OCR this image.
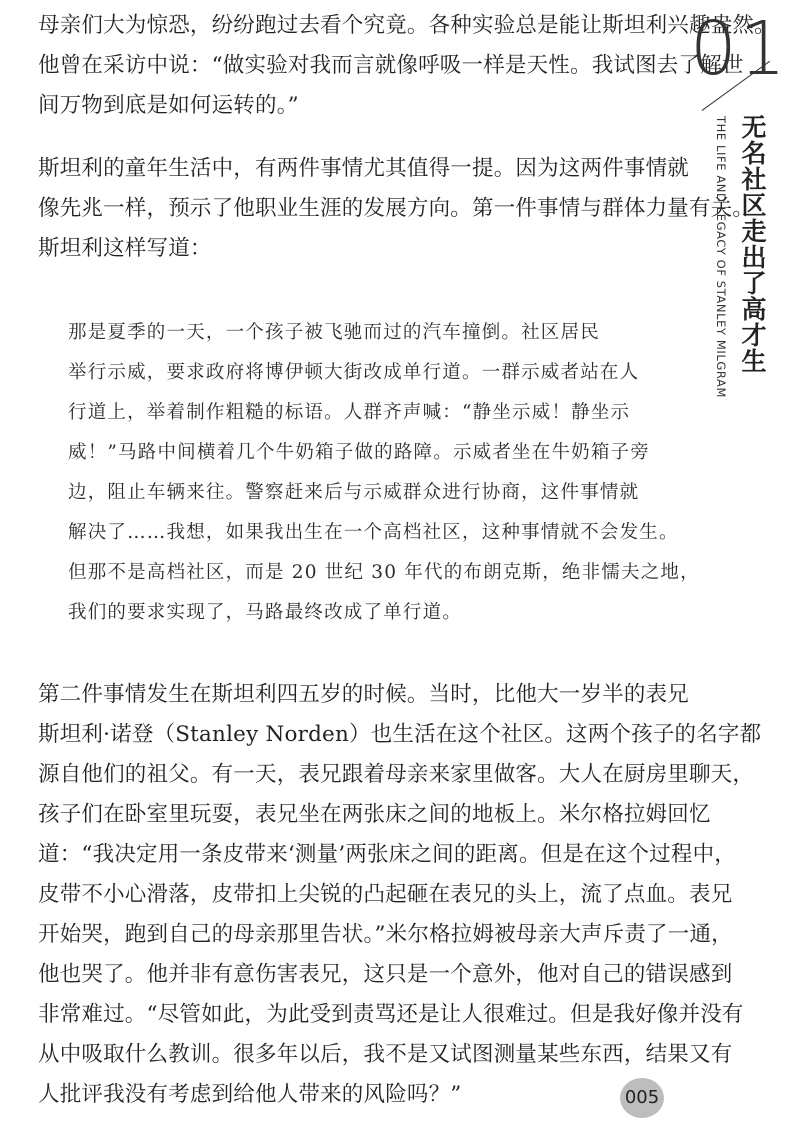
母亲们大为惊恐，纷纷跑过去看个究竟。各种实验总是能让斯坦利兴趣盎然。
他曾在采访中说：“做实验对我而言就像呼吸一样是天性。我试图去了解世
间万物到底是如何运转的。”
斯坦利的童年生活中，有两件事情尤其值得一提。因为这两件事情就
像先兆一样，预示了他职业生涯的发展方向。第一件事情与群体力量有关。
斯坦利这样写道：
那是夏季的一天，一个孩子被飞驰而过的汽车撞倒。社区居民
举行示威，要求政府将博伊顿大街改成单行道。一群示威者站在人
行道上，举着制作粗糙的标语。人群齐声喊：“静坐示威！静坐示
威！”马路中间横着几个牛奶箱子做的路障。示威者坐在牛奶箱子旁
边，阻止车辆来往。警察赶来后与示威群众进行协商，这件事情就
解决了……我想，如果我出生在一个高档社区，这种事情就不会发生。
但那不是高档社区，而是 20 世纪 30 年代的布朗克斯，绝非懦夫之地，
我们的要求实现了，马路最终改成了单行道。
第二件事情发生在斯坦利四五岁的时候。当时，比他大一岁半的表兄
斯坦利·诺登（Stanley Norden）也生活在这个社区。这两个孩子的名字都
源自他们的祖父。有一天，表兄跟着母亲来家里做客。大人在厨房里聊天，
孩子们在卧室里玩耍，表兄坐在两张床之间的地板上。米尔格拉姆回忆
道：“我决定用一条皮带来‘测量’两张床之间的距离。但是在这个过程中，
皮带不小心滑落，皮带扣上尖锐的凸起砸在表兄的头上，流了点血。表兄
开始哭，跑到自己的母亲那里告状。”米尔格拉姆被母亲大声斥责了一通，
他也哭了。他并非有意伤害表兄，这只是一个意外，他对自己的错误感到
非常难过。“尽管如此，为此受到责骂还是让人很难过。但是我好像并没有
从中吸取什么教训。很多年以后，我不是又试图测量某些东西，结果又有
人批评我没有考虑到给他人带来的风险吗？”
01
无名社区走出了高才生
THE LIFE AND LEGACY OF STANLEY MILGRAM
005
